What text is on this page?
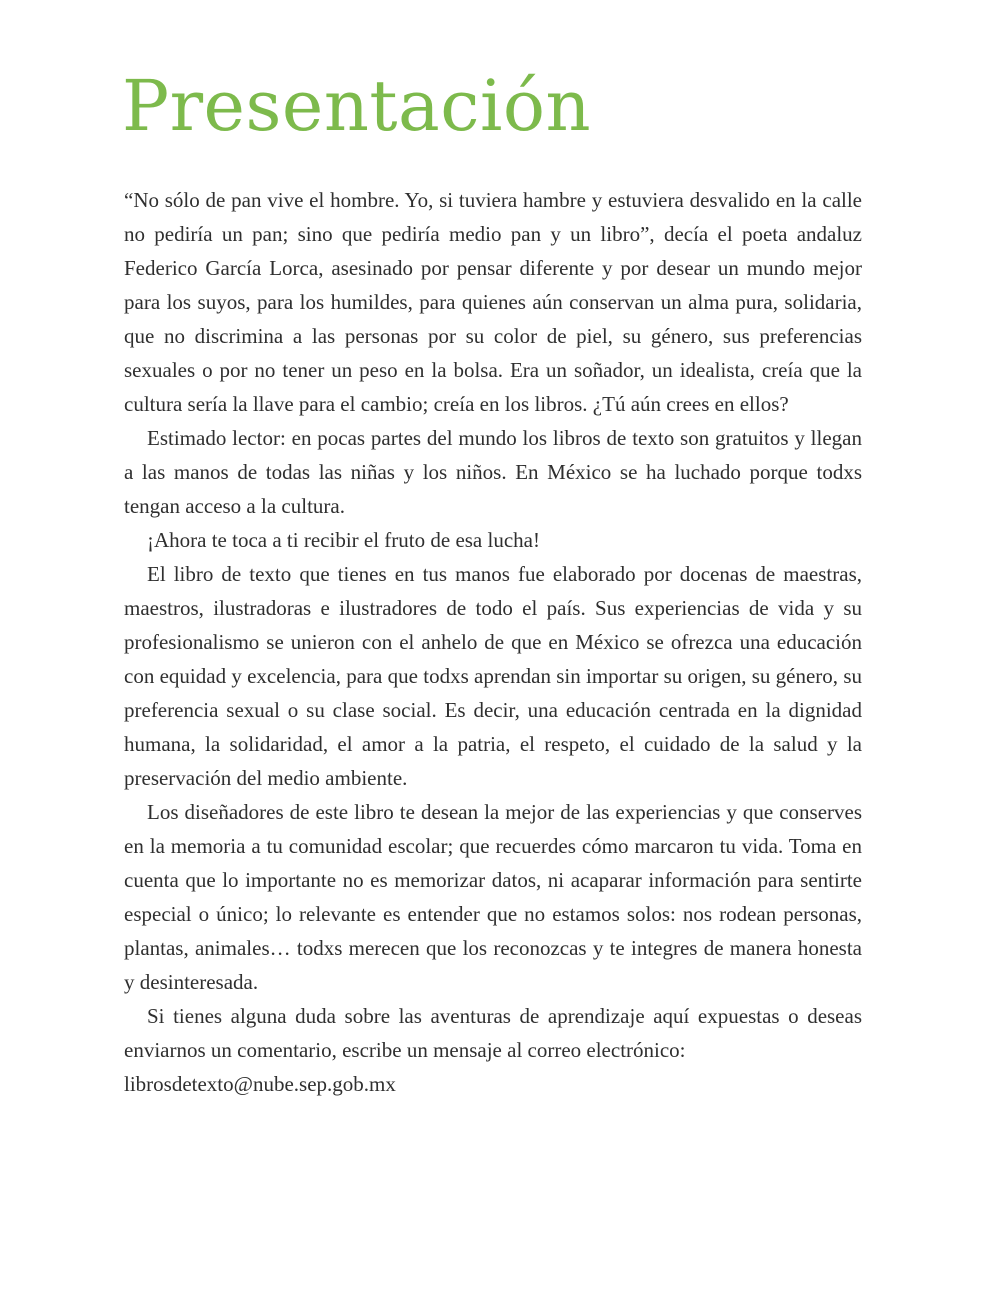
Presentación

“No sólo de pan vive el hombre. Yo, si tuviera hambre y estuviera desvalido en la calle no pediría un pan; sino que pediría medio pan y un libro”, decía el poeta andaluz Federico García Lorca, asesinado por pensar diferente y por desear un mundo mejor para los suyos, para los humildes, para quienes aún conservan un alma pura, solidaria, que no discrimina a las personas por su color de piel, su género, sus preferencias sexuales o por no tener un peso en la bolsa. Era un soñador, un idealista, creía que la cultura sería la llave para el cambio; creía en los libros. ¿Tú aún crees en ellos?

Estimado lector: en pocas partes del mundo los libros de texto son gratuitos y llegan a las manos de todas las niñas y los niños. En México se ha luchado porque todxs tengan acceso a la cultura.

¡Ahora te toca a ti recibir el fruto de esa lucha!

El libro de texto que tienes en tus manos fue elaborado por docenas de maestras, maestros, ilustradoras e ilustradores de todo el país. Sus experiencias de vida y su profesionalismo se unieron con el anhelo de que en México se ofrezca una educación con equidad y excelencia, para que todxs aprendan sin importar su origen, su género, su preferencia sexual o su clase social. Es decir, una educación centrada en la dignidad humana, la solidaridad, el amor a la patria, el respeto, el cuidado de la salud y la preservación del medio ambiente.

Los diseñadores de este libro te desean la mejor de las experiencias y que conserves en la memoria a tu comunidad escolar; que recuerdes cómo marcaron tu vida. Toma en cuenta que lo importante no es memorizar datos, ni acaparar información para sentirte especial o único; lo relevante es entender que no estamos solos: nos rodean personas, plantas, animales… todxs merecen que los reconozcas y te integres de manera honesta y desinteresada.

Si tienes alguna duda sobre las aventuras de aprendizaje aquí expuestas o deseas enviarnos un comentario, escribe un mensaje al correo electrónico:

librosdetexto@nube.sep.gob.mx
